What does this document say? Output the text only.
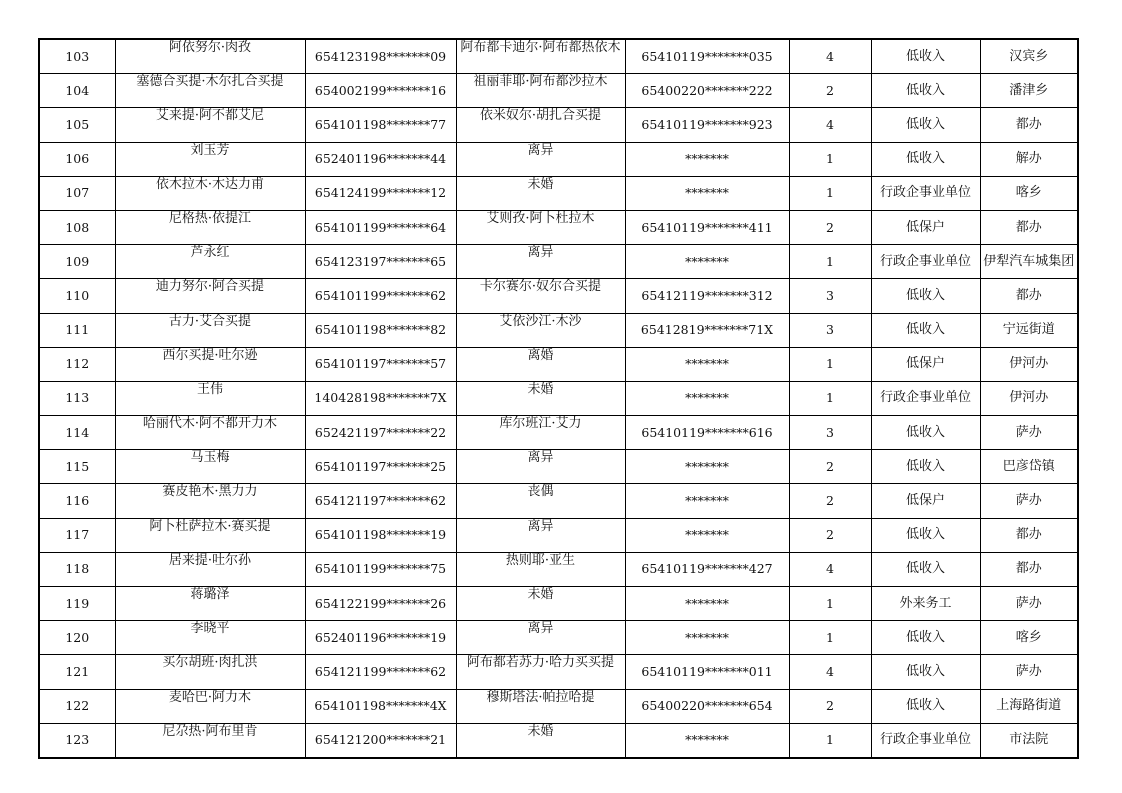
103	阿依努尔·肉孜	654123198*******09	阿布都卡迪尔·阿布都热依木	65410119*******035	4	低收入	汉宾乡
104	塞德合买提·木尔扎合买提	654002199*******16	祖丽菲耶·阿布都沙拉木	65400220*******222	2	低收入	潘津乡
105	艾来提·阿不都艾尼	654101198*******77	依米奴尔·胡扎合买提	65410119*******923	4	低收入	都办
106	刘玉芳	652401196*******44	离异	*******	1	低收入	解办
107	依木拉木·木达力甫	654124199*******12	未婚	*******	1	行政企事业单位	喀乡
108	尼格热·依提江	654101199*******64	艾则孜·阿卜杜拉木	65410119*******411	2	低保户	都办
109	芦永红	654123197*******65	离异	*******	1	行政企事业单位	伊犁汽车城集团
110	迪力努尔·阿合买提	654101199*******62	卡尔赛尔·奴尔合买提	65412119*******312	3	低收入	都办
111	古力·艾合买提	654101198*******82	艾依沙江·木沙	65412819*******71X	3	低收入	宁远街道
112	西尔买提·吐尔逊	654101197*******57	离婚	*******	1	低保户	伊河办
113	王伟	140428198*******7X	未婚	*******	1	行政企事业单位	伊河办
114	哈丽代木·阿不都开力木	652421197*******22	库尔班江·艾力	65410119*******616	3	低收入	萨办
115	马玉梅	654101197*******25	离异	*******	2	低收入	巴彦岱镇
116	赛皮艳木·黑力力	654121197*******62	丧偶	*******	2	低保户	萨办
117	阿卜杜萨拉木·赛买提	654101198*******19	离异	*******	2	低收入	都办
118	居来提·吐尔孙	654101199*******75	热则耶·亚生	65410119*******427	4	低收入	都办
119	蒋璐泽	654122199*******26	未婚	*******	1	外来务工	萨办
120	李晓平	652401196*******19	离异	*******	1	低收入	喀乡
121	买尔胡班·肉扎洪	654121199*******62	阿布都若苏力·哈力买买提	65410119*******011	4	低收入	萨办
122	麦哈巴·阿力木	654101198*******4X	穆斯塔法·帕拉哈提	65400220*******654	2	低收入	上海路街道
123	尼尕热·阿布里肯	654121200*******21	未婚	*******	1	行政企事业单位	市法院
